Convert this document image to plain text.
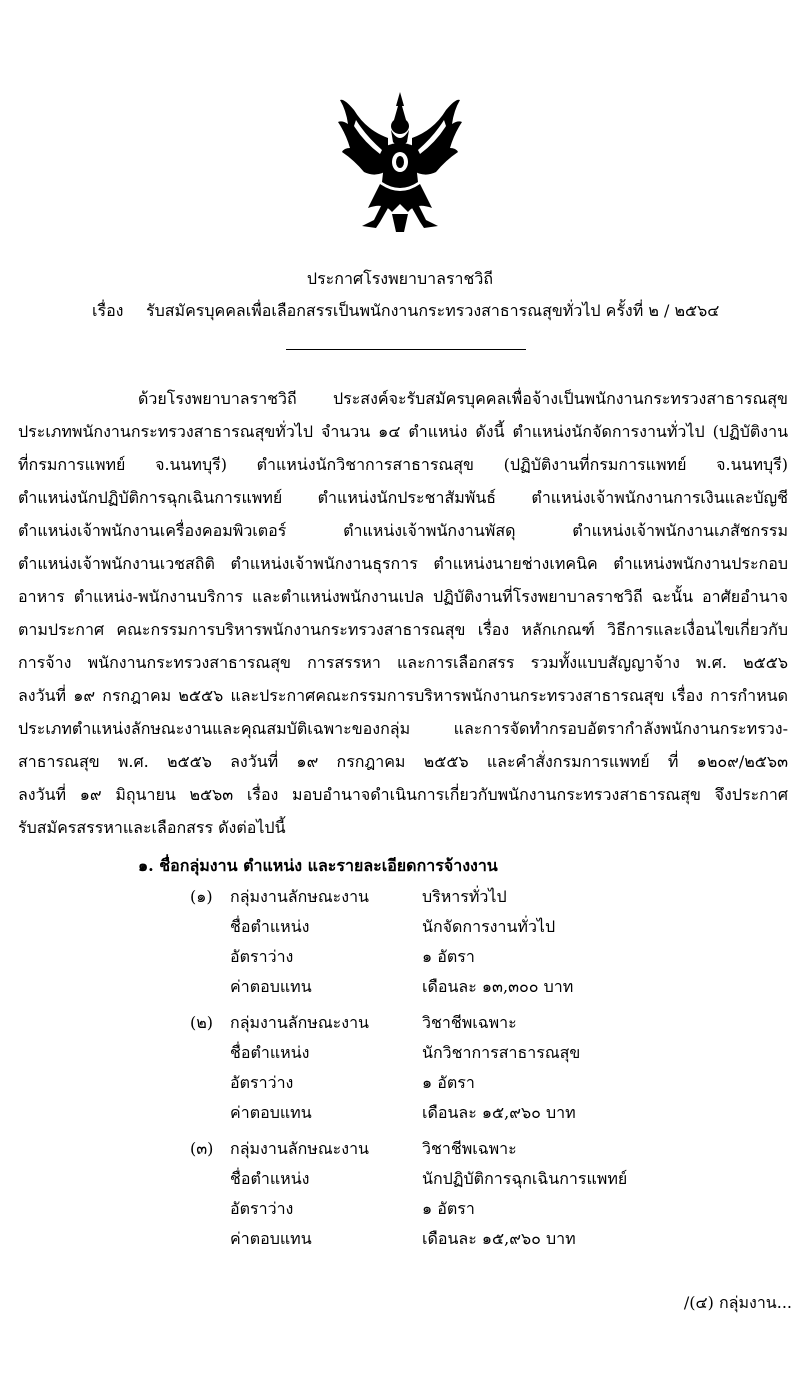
ประกาศโรงพยาบาลราชวิถี
เรื่อง รับสมัครบุคคลเพื่อเลือกสรรเป็นพนักงานกระทรวงสาธารณสุขทั่วไป ครั้งที่ ๒ / ๒๕๖๔
ด้วยโรงพยาบาลราชวิถี ประสงค์จะรับสมัครบุคคลเพื่อจ้างเป็นพนักงานกระทรวงสาธารณสุข
ประเภทพนักงานกระทรวงสาธารณสุขทั่วไป จำนวน ๑๔ ตำแหน่ง ดังนี้ ตำแหน่งนักจัดการงานทั่วไป (ปฏิบัติงาน
ที่กรมการแพทย์ จ.นนทบุรี) ตำแหน่งนักวิชาการสาธารณสุข (ปฏิบัติงานที่กรมการแพทย์ จ.นนทบุรี)
ตำแหน่งนักปฏิบัติการฉุกเฉินการแพทย์ ตำแหน่งนักประชาสัมพันธ์ ตำแหน่งเจ้าพนักงานการเงินและบัญชี
ตำแหน่งเจ้าพนักงานเครื่องคอมพิวเตอร์ ตำแหน่งเจ้าพนักงานพัสดุ ตำแหน่งเจ้าพนักงานเภสัชกรรม
ตำแหน่งเจ้าพนักงานเวชสถิติ ตำแหน่งเจ้าพนักงานธุรการ ตำแหน่งนายช่างเทคนิค ตำแหน่งพนักงานประกอบ
อาหาร ตำแหน่ง-พนักงานบริการ และตำแหน่งพนักงานเปล ปฏิบัติงานที่โรงพยาบาลราชวิถี ฉะนั้น อาศัยอำนาจ
ตามประกาศ คณะกรรมการบริหารพนักงานกระทรวงสาธารณสุข เรื่อง หลักเกณฑ์ วิธีการและเงื่อนไขเกี่ยวกับ
การจ้าง พนักงานกระทรวงสาธารณสุข การสรรหา และการเลือกสรร รวมทั้งแบบสัญญาจ้าง พ.ศ. ๒๕๕๖
ลงวันที่ ๑๙ กรกฎาคม ๒๕๕๖ และประกาศคณะกรรมการบริหารพนักงานกระทรวงสาธารณสุข เรื่อง การกำหนด
ประเภทตำแหน่งลักษณะงานและคุณสมบัติเฉพาะของกลุ่ม และการจัดทำกรอบอัตรากำลังพนักงานกระทรวง-
สาธารณสุข พ.ศ. ๒๕๕๖ ลงวันที่ ๑๙ กรกฎาคม ๒๕๕๖ และคำสั่งกรมการแพทย์ ที่ ๑๒๐๙/๒๕๖๓
ลงวันที่ ๑๙ มิถุนายน ๒๕๖๓ เรื่อง มอบอำนาจดำเนินการเกี่ยวกับพนักงานกระทรวงสาธารณสุข จึงประกาศ
รับสมัครสรรหาและเลือกสรร ดังต่อไปนี้
๑. ชื่อกลุ่มงาน ตำแหน่ง และรายละเอียดการจ้างงาน
(๑) กลุ่มงานลักษณะงาน	บริหารทั่วไป
ชื่อตำแหน่ง	นักจัดการงานทั่วไป
อัตราว่าง	๑ อัตรา
ค่าตอบแทน	เดือนละ ๑๓,๓๐๐ บาท
(๒) กลุ่มงานลักษณะงาน	วิชาชีพเฉพาะ
ชื่อตำแหน่ง	นักวิชาการสาธารณสุข
อัตราว่าง	๑ อัตรา
ค่าตอบแทน	เดือนละ ๑๕,๙๖๐ บาท
(๓) กลุ่มงานลักษณะงาน	วิชาชีพเฉพาะ
ชื่อตำแหน่ง	นักปฏิบัติการฉุกเฉินการแพทย์
อัตราว่าง	๑ อัตรา
ค่าตอบแทน	เดือนละ ๑๕,๙๖๐ บาท
/(๔) กลุ่มงาน...
